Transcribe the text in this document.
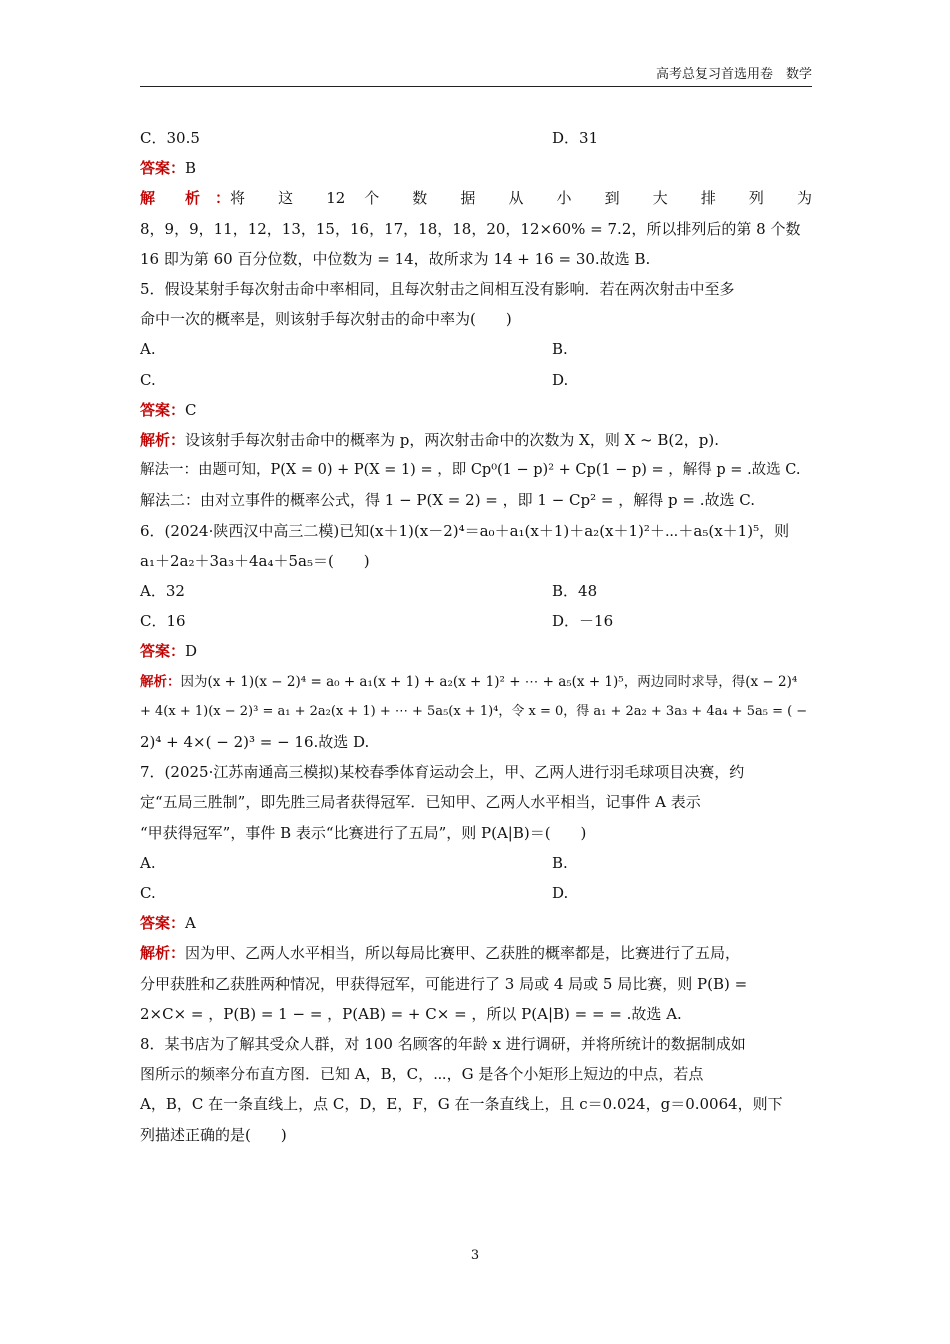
高考总复习首选用卷　数学
C．30.5	D．31
答案：B
解　　析　： 将 这 12 个 数 据 从 小 到 大 排 列 为
8，9，9，11，12，13，15，16，17，18，18，20，12×60% = 7.2，所以排列后的第 8 个数
16 即为第 60 百分位数，中位数为 = 14，故所求为 14 + 16 = 30.故选 B.
5．假设某射手每次射击命中率相同，且每次射击之间相互没有影响．若在两次射击中至多
命中一次的概率是，则该射手每次射击的命中率为(　　)
A.	B.
C.	D.
答案：C
解析：设该射手每次射击命中的概率为 p，两次射击命中的次数为 X，则 X ~ B(2，p).
解法一：由题可知，P(X = 0) + P(X = 1) = ，即 Cp⁰(1 − p)² + Cp(1 − p) = ，解得 p = .故选 C.
解法二：由对立事件的概率公式，得 1 − P(X = 2) = ，即 1 − Cp² = ，解得 p = .故选 C.
6．(2024·陕西汉中高三二模)已知(x＋1)(x－2)⁴＝a₀＋a₁(x＋1)＋a₂(x＋1)²＋⋯＋a₅(x＋1)⁵，则
a₁＋2a₂＋3a₃＋4a₄＋5a₅＝(　　)
A．32	B．48
C．16	D．－16
答案：D
解析：因为(x + 1)(x − 2)⁴ = a₀ + a₁(x + 1) + a₂(x + 1)² + ⋯ + a₅(x + 1)⁵，两边同时求导，得(x − 2)⁴
+ 4(x + 1)(x − 2)³ = a₁ + 2a₂(x + 1) + ⋯ + 5a₅(x + 1)⁴，令 x = 0，得 a₁ + 2a₂ + 3a₃ + 4a₄ + 5a₅ = ( −
2)⁴ + 4×( − 2)³ = − 16.故选 D.
7．(2025·江苏南通高三模拟)某校春季体育运动会上，甲、乙两人进行羽毛球项目决赛，约
定“五局三胜制”，即先胜三局者获得冠军．已知甲、乙两人水平相当，记事件 A 表示
“甲获得冠军”，事件 B 表示“比赛进行了五局”，则 P(A|B)＝(　　)
A.	B.
C.	D.
答案：A
解析：因为甲、乙两人水平相当，所以每局比赛甲、乙获胜的概率都是，比赛进行了五局，
分甲获胜和乙获胜两种情况，甲获得冠军，可能进行了 3 局或 4 局或 5 局比赛，则 P(B) =
2×C× = ，P(B) = 1 − = ，P(AB) = + C× = ，所以 P(A|B) = = = .故选 A.
8．某书店为了解其受众人群，对 100 名顾客的年龄 x 进行调研，并将所统计的数据制成如
图所示的频率分布直方图．已知 A，B，C，⋯，G 是各个小矩形上短边的中点，若点
A，B，C 在一条直线上，点 C，D，E，F，G 在一条直线上，且 c＝0.024，g＝0.0064，则下
列描述正确的是(　　)
3
